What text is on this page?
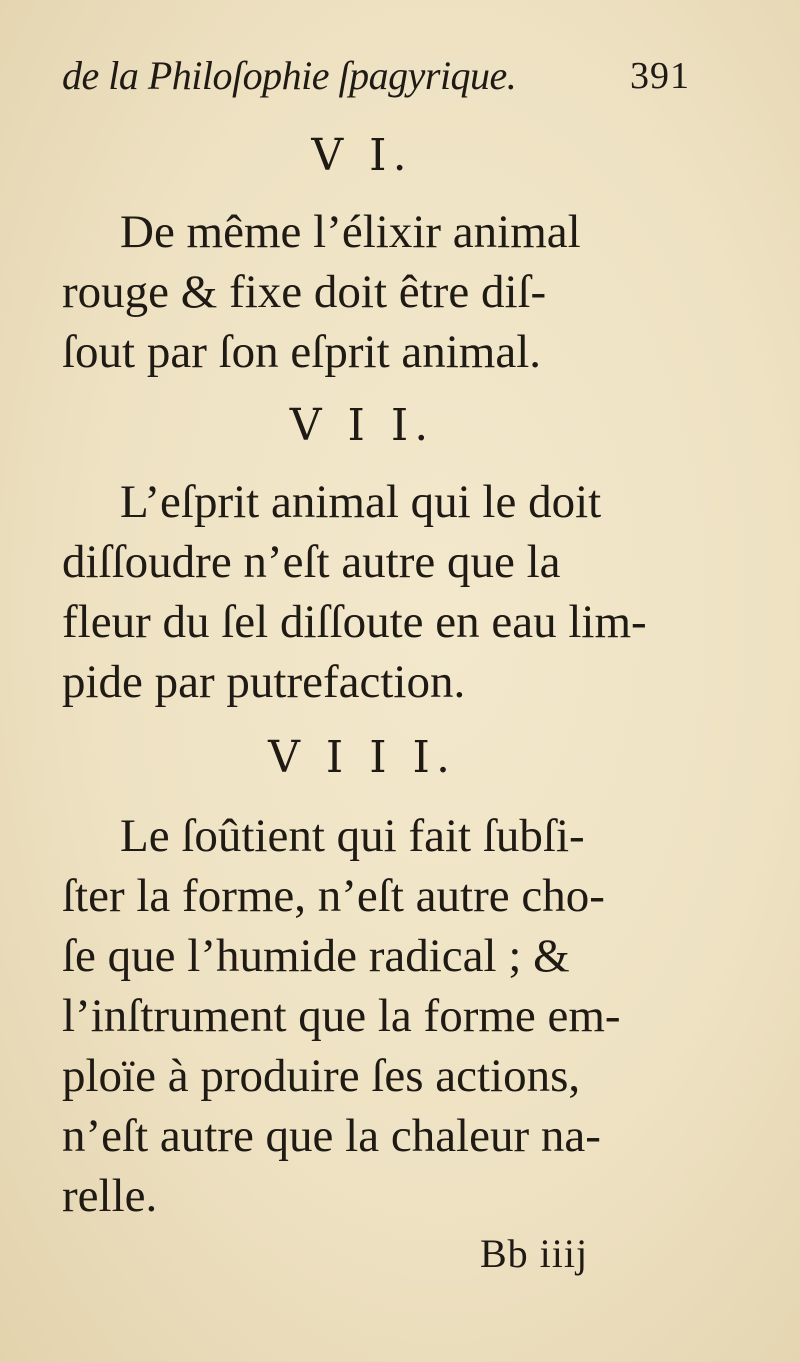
de la Philoſophie ſpagyrique.	391
V I.
De même l’élixir animal
rouge & fixe doit être diſ-
ſout par ſon eſprit animal.
V I I.
L’eſprit animal qui le doit
diſſoudre n’eſt autre que la
fleur du ſel diſſoute en eau lim-
pide par putrefaction.
V I I I.
Le ſoûtient qui fait ſubſi-
ſter la forme, n’eſt autre cho-
ſe que l’humide radical ; &
l’inſtrument que la forme em-
ploïe à produire ſes actions,
n’eſt autre que la chaleur na-
relle.
Bb iiij
